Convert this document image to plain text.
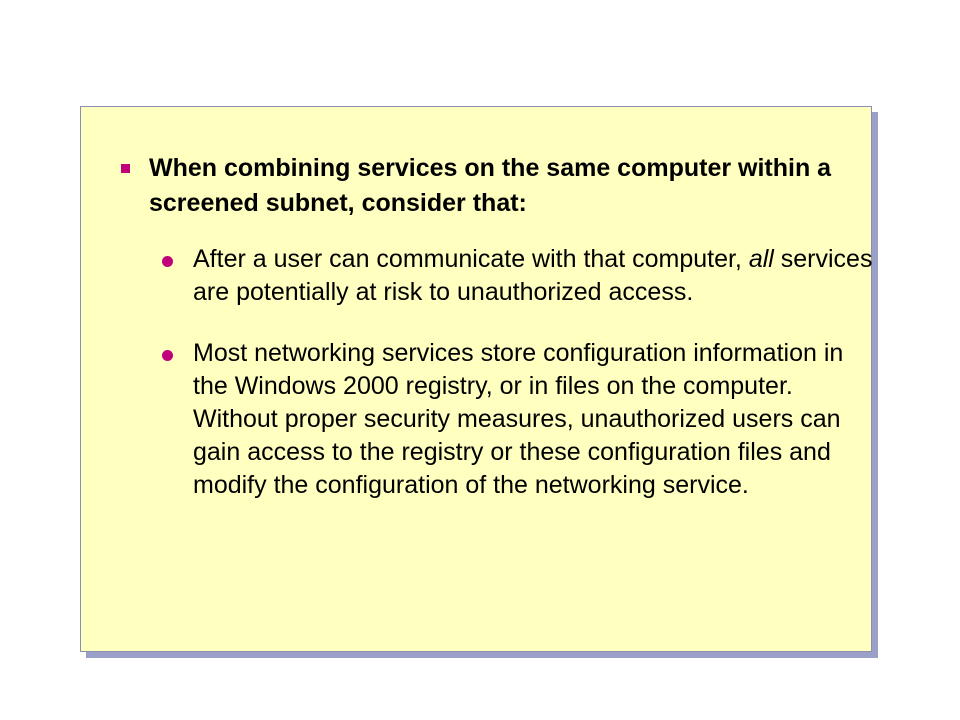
When combining services on the same computer within a screened subnet, consider that:
After a user can communicate with that computer, all services are potentially at risk to unauthorized access.
Most networking services store configuration information in the Windows 2000 registry, or in files on the computer. Without proper security measures, unauthorized users can gain access to the registry or these configuration files and modify the configuration of the networking service.
